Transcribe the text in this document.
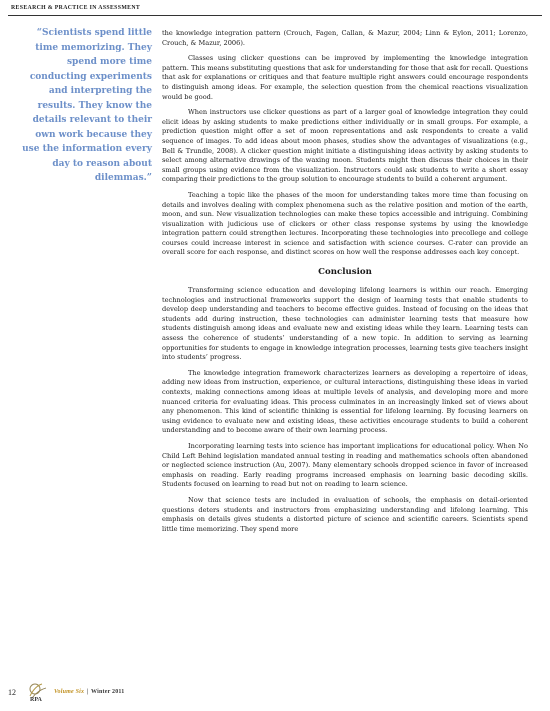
RESEARCH & PRACTICE IN ASSESSMENT
“Scientists spend little time memorizing. They spend more time conducting experiments and interpreting the results. They know the details relevant to their own work because they use the information every day to reason about dilemmas.”

the knowledge integration pattern (Crouch, Fagen, Callan, & Mazur, 2004; Linn & Eylon, 2011; Lorenzo, Crouch, & Mazur, 2006).

Classes using clicker questions can be improved by implementing the knowledge integration pattern. This means substituting questions that ask for understanding for those that ask for recall. Questions that ask for explanations or critiques and that feature multiple right answers could encourage respondents to distinguish among ideas. For example, the selection question from the chemical reactions visualization would be good.

When instructors use clicker questions as part of a larger goal of knowledge integration they could elicit ideas by asking students to make predictions either individually or in small groups. For example, a prediction question might offer a set of moon representations and ask respondents to create a valid sequence of images. To add ideas about moon phases, studies show the advantages of visualizations (e.g., Bell & Trundle, 2008). A clicker question might initiate a distinguishing ideas activity by asking students to select among alternative drawings of the waxing moon. Students might then discuss their choices in their small groups using evidence from the visualization. Instructors could ask students to write a short essay comparing their predictions to the group solution to encourage students to build a coherent argument.

Teaching a topic like the phases of the moon for understanding takes more time than focusing on details and involves dealing with complex phenomena such as the relative position and motion of the earth, moon, and sun. New visualization technologies can make these topics accessible and intriguing. Combining visualization with judicious use of clickers or other class response systems by using the knowledge integration pattern could strengthen lectures. Incorporating these technologies into precollege and college courses could increase interest in science and satisfaction with science courses. C-rater can provide an overall score for each response, and distinct scores on how well the response addresses each key concept.

Conclusion

Transforming science education and developing lifelong learners is within our reach. Emerging technologies and instructional frameworks support the design of learning tests that enable students to develop deep understanding and teachers to become effective guides. Instead of focusing on the ideas that students add during instruction, these technologies can administer learning tests that measure how students distinguish among ideas and evaluate new and existing ideas while they learn. Learning tests can assess the coherence of students’ understanding of a new topic. In addition to serving as learning opportunities for students to engage in knowledge integration processes, learning tests give teachers insight into students’ progress.

The knowledge integration framework characterizes learners as developing a repertoire of ideas, adding new ideas from instruction, experience, or cultural interactions, distinguishing these ideas in varied contexts, making connections among ideas at multiple levels of analysis, and developing more and more nuanced criteria for evaluating ideas. This process culminates in an increasingly linked set of views about any phenomenon. This kind of scientific thinking is essential for lifelong learning. By focusing learners on using evidence to evaluate new and existing ideas, these activities encourage students to build a coherent understanding and to become aware of their own learning process.

Incorporating learning tests into science has important implications for educational policy. When No Child Left Behind legislation mandated annual testing in reading and mathematics schools often abandoned or neglected science instruction (Au, 2007). Many elementary schools dropped science in favor of increased emphasis on reading. Early reading programs increased emphasis on learning basic decoding skills. Students focused on learning to read but not on reading to learn science.

Now that science tests are included in evaluation of schools, the emphasis on detail-oriented questions deters students and instructors from emphasizing understanding and lifelong learning. This emphasis on details gives students a distorted picture of science and scientific careers. Scientists spend little time memorizing. They spend more

12
RPA
Volume Six | Winter 2011
